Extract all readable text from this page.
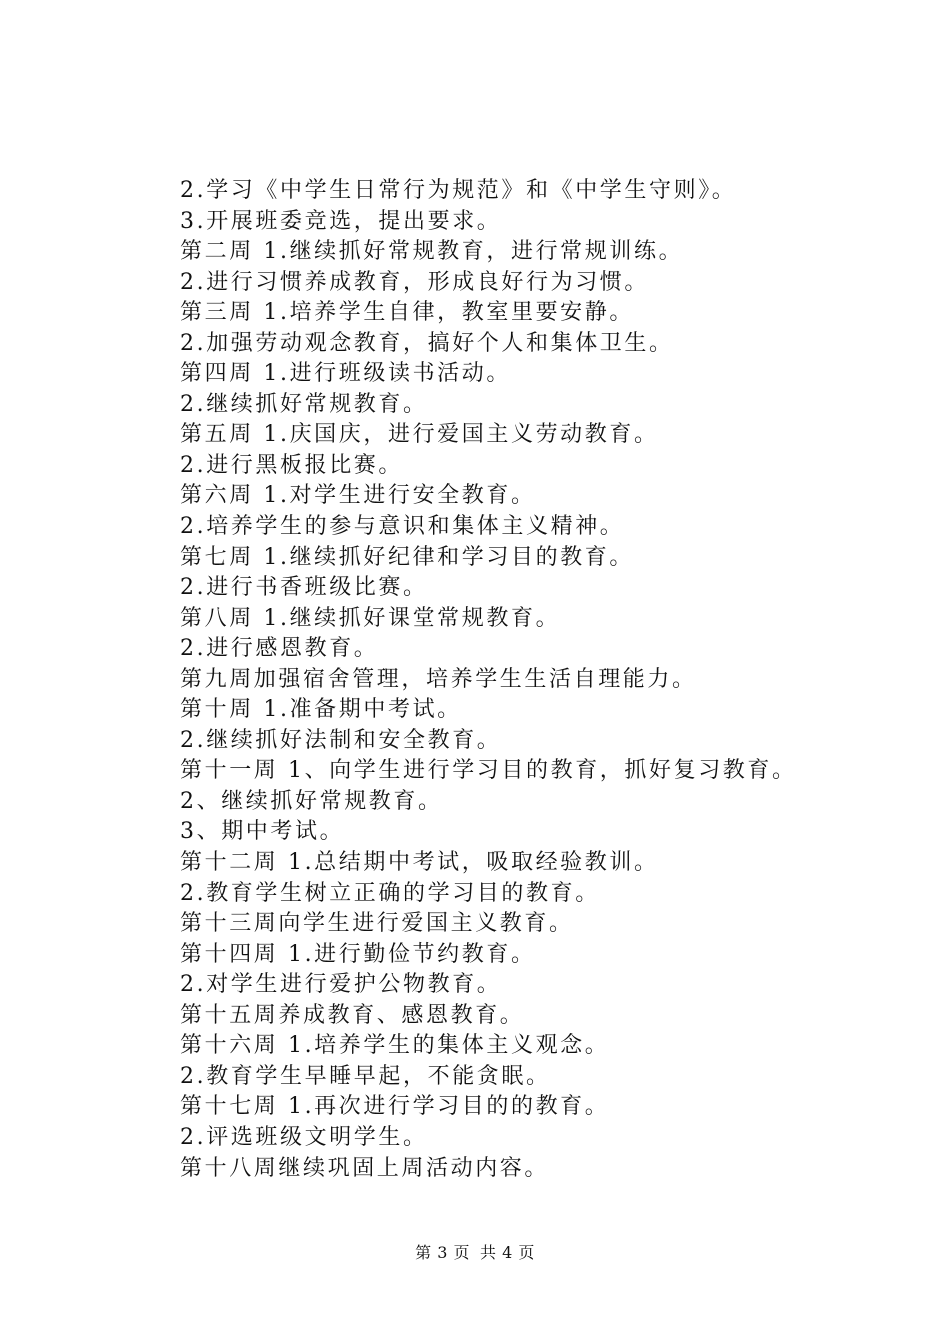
2.学习《中学生日常行为规范》和《中学生守则》。
3.开展班委竞选，提出要求。
第二周 1.继续抓好常规教育，进行常规训练。
2.进行习惯养成教育，形成良好行为习惯。
第三周 1.培养学生自律，教室里要安静。
2.加强劳动观念教育，搞好个人和集体卫生。
第四周 1.进行班级读书活动。
2.继续抓好常规教育。
第五周 1.庆国庆，进行爱国主义劳动教育。
2.进行黑板报比赛。
第六周 1.对学生进行安全教育。
2.培养学生的参与意识和集体主义精神。
第七周 1.继续抓好纪律和学习目的教育。
2.进行书香班级比赛。
第八周 1.继续抓好课堂常规教育。
2.进行感恩教育。
第九周加强宿舍管理，培养学生生活自理能力。
第十周 1.准备期中考试。
2.继续抓好法制和安全教育。
第十一周 1、向学生进行学习目的教育，抓好复习教育。
2、继续抓好常规教育。
3、期中考试。
第十二周 1.总结期中考试，吸取经验教训。
2.教育学生树立正确的学习目的教育。
第十三周向学生进行爱国主义教育。
第十四周 1.进行勤俭节约教育。
2.对学生进行爱护公物教育。
第十五周养成教育、感恩教育。
第十六周 1.培养学生的集体主义观念。
2.教育学生早睡早起，不能贪眠。
第十七周 1.再次进行学习目的的教育。
2.评选班级文明学生。
第十八周继续巩固上周活动内容。
第 3 页 共 4 页
